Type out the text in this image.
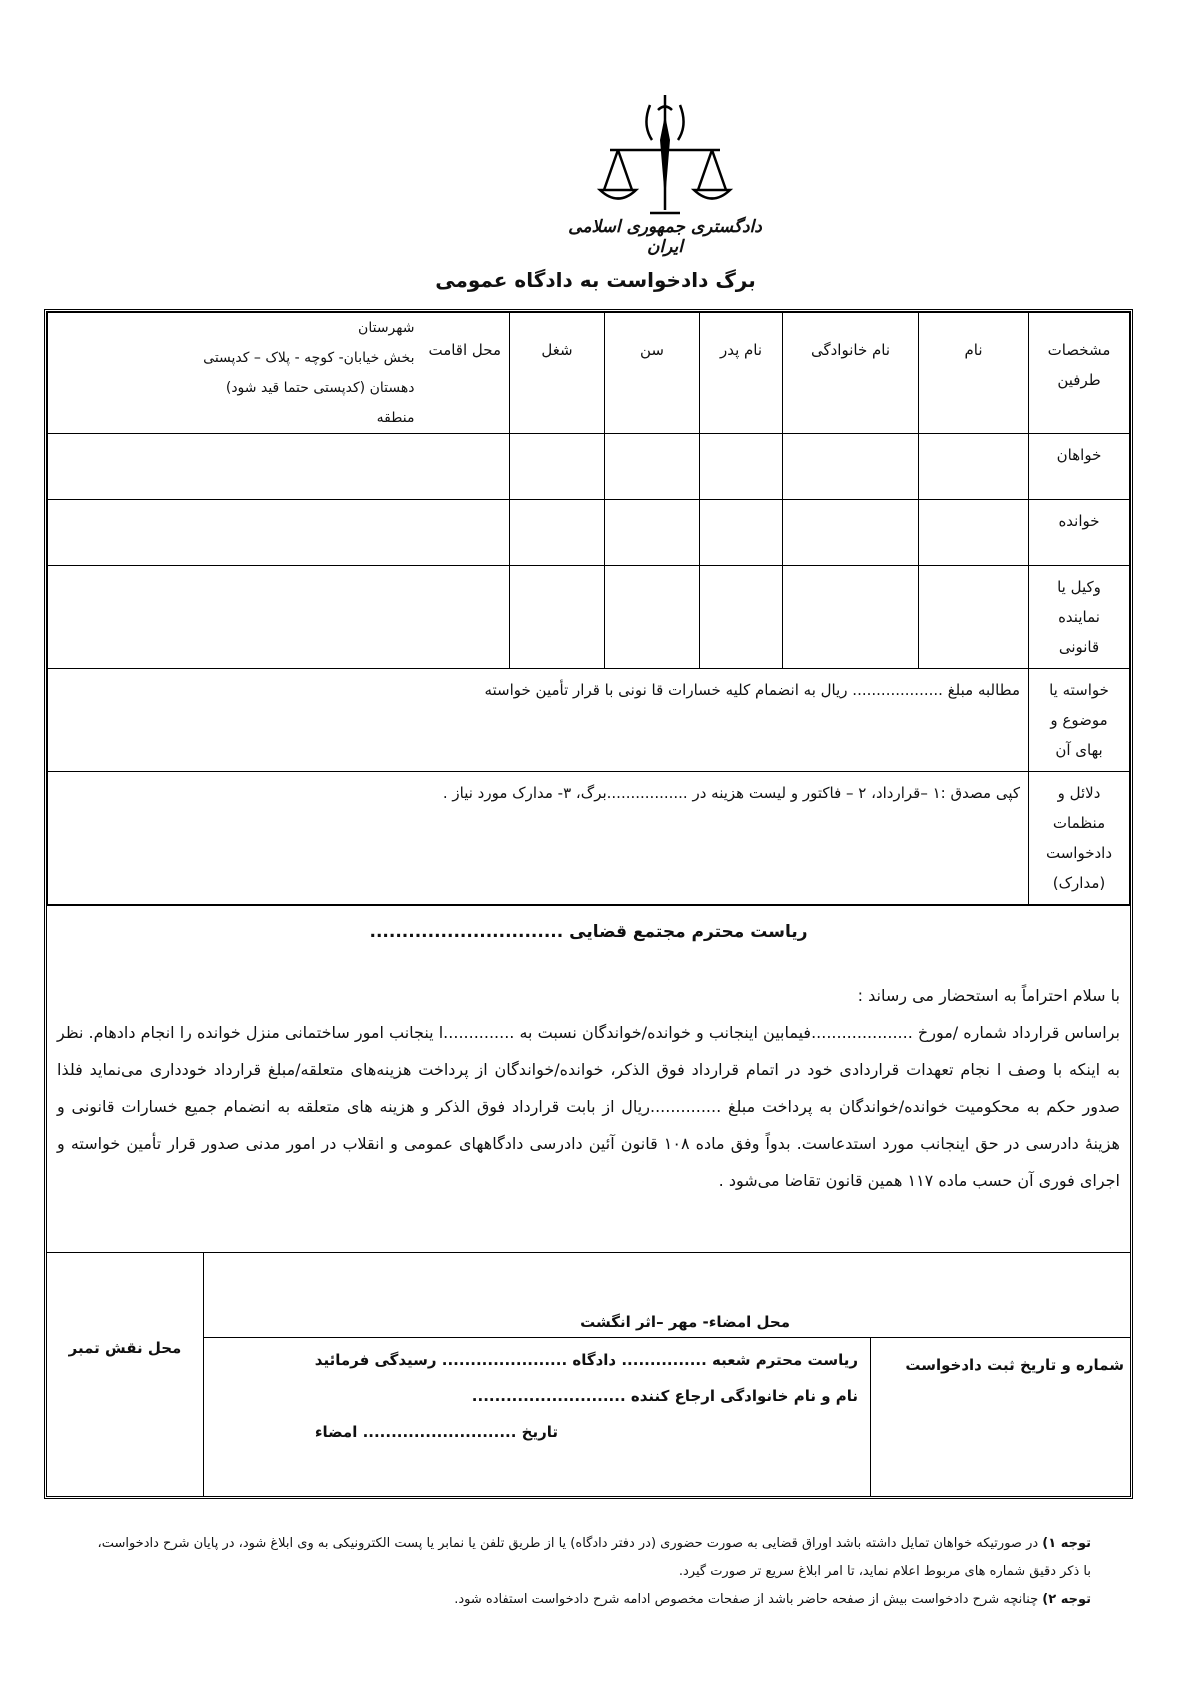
دادگستری جمهوری اسلامی ایران
برگ دادخواست به دادگاه عمومی
مشخصات طرفین	نام	نام خانوادگی	نام پدر	سن	شغل	محل اقامت
شهرستان
بخش خیابان- کوچه - پلاک – کدپستی
دهستان (کدپستی حتما قید شود)
منطقه

خواهان						
خوانده						
وکیل یا نماینده قانونی						
خواسته یا موضوع و بهای آن	مطالبه مبلغ ................... ریال به انضمام کلیه خسارات قا نونی با قرار تأمین خواسته					
دلائل و منظمات دادخواست (مدارک)	کپی مصدق :۱ –قرارداد، ۲ – فاکتور و لیست هزینه در .................برگ، ۳- مدارک مورد نیاز .					
ریاست محترم مجتمع قضایی ..............................
با سلام احتراماً به استحضار می رساند :

براساس قرارداد شماره /مورخ ....................فیمابین اینجانب و خوانده/خواندگان نسبت به ..............ا ینجانب امور ساختمانی منزل خوانده را انجام دادهام. نظر به اینکه با وصف ا نجام تعهدات قراردادی خود در اتمام قرارداد فوق الذکر، خوانده/خواندگان از پرداخت هزینه‌های متعلقه/مبلغ قرارداد خودداری می‌نماید فلذا صدور حکم به محکومیت خوانده/خواندگان به پرداخت مبلغ ..............ریال از بابت قرارداد فوق الذکر و هزینه های متعلقه به انضمام جمیع خسارات قانونی و هزینهٔ دادرسی در حق اینجانب مورد استدعاست. بدواً وفق ماده ۱۰۸ قانون آئین دادرسی دادگاههای عمومی و انقلاب در امور مدنی صدور قرار تأمین خواسته و اجرای فوری آن حسب ماده ۱۱۷ همین قانون تقاضا می‌شود .

محل نقش تمبر
محل امضاء- مهر –اثر انگشت
شماره و تاریخ ثبت دادخواست
ریاست محترم شعبه ............... دادگاه ...................... رسیدگی فرمائید
نام و نام خانوادگی ارجاع کننده ...........................
تاریخ ........................... امضاء
توجه ۱) در صورتیکه خواهان تمایل داشته باشد اوراق قضایی به صورت حضوری (در دفتر دادگاه) یا از طریق تلفن یا نمابر یا پست الکترونیکی به وی ابلاغ شود، در پایان شرح دادخواست، با ذکر دقیق شماره های مربوط اعلام نماید، تا امر ابلاغ سریع تر صورت گیرد.
توجه ۲) چنانچه شرح دادخواست بیش از صفحه حاضر باشد از صفحات مخصوص ادامه شرح دادخواست استفاده شود.
